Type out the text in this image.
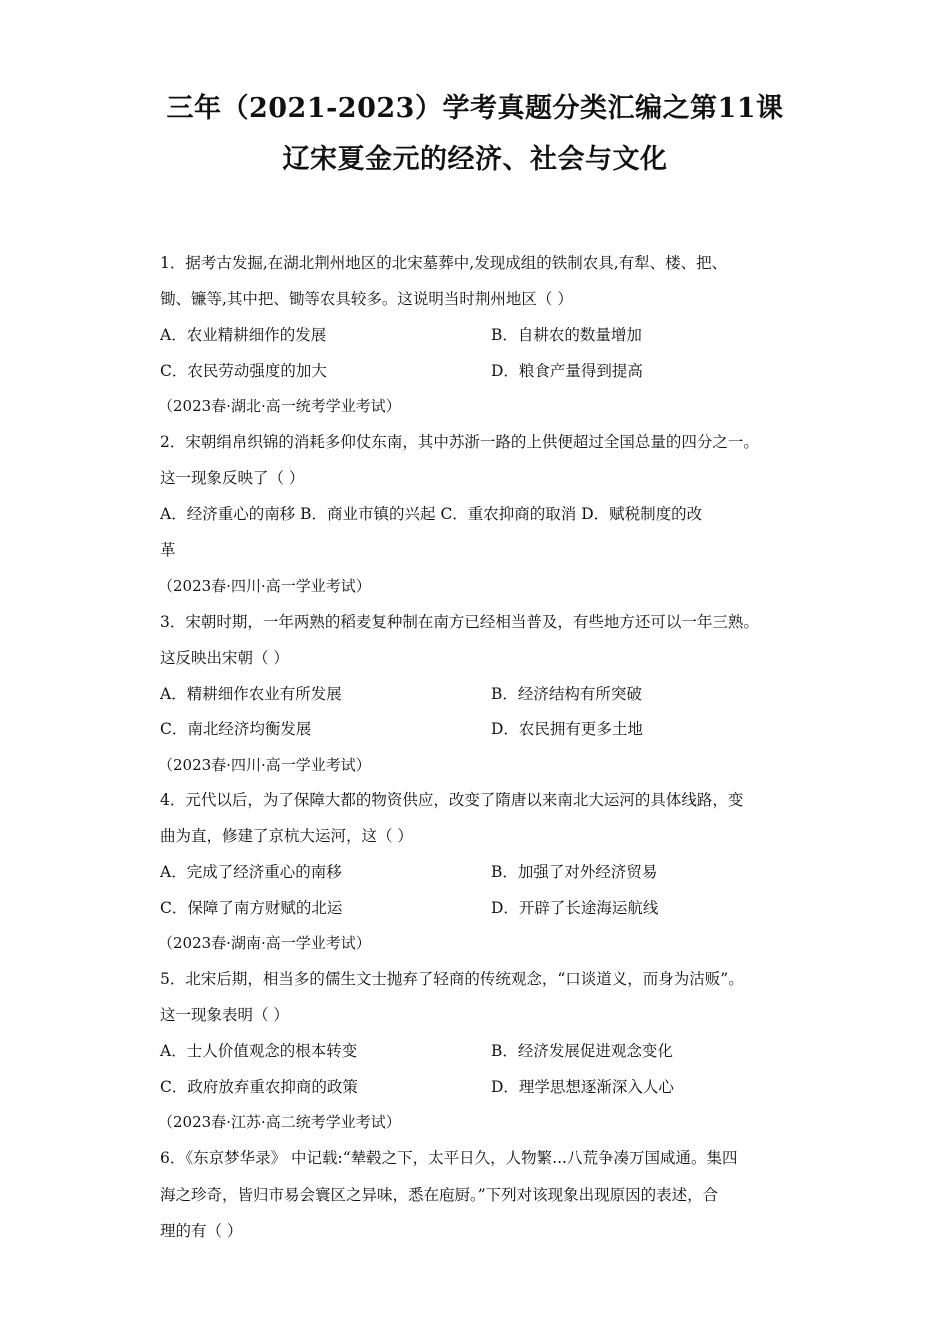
三年（2021-2023）学考真题分类汇编之第11课
辽宋夏金元的经济、社会与文化
1．据考古发掘,在湖北荆州地区的北宋墓葬中,发现成组的铁制农具,有犁、楼、把、
锄、镰等,其中把、锄等农具较多。这说明当时荆州地区（ ）
A．农业精耕细作的发展	B．自耕农的数量增加
C．农民劳动强度的加大	D．粮食产量得到提高
（2023春·湖北·高一统考学业考试）
2．宋朝绢帛织锦的消耗多仰仗东南，其中苏浙一路的上供便超过全国总量的四分之一。
这一现象反映了（ ）
A．经济重心的南移 B．商业市镇的兴起 C．重农抑商的取消 D．赋税制度的改
革
（2023春·四川·高一学业考试）
3．宋朝时期，一年两熟的稻麦复种制在南方已经相当普及，有些地方还可以一年三熟。
这反映出宋朝（ ）
A．精耕细作农业有所发展	B．经济结构有所突破
C．南北经济均衡发展	D．农民拥有更多土地
（2023春·四川·高一学业考试）
4．元代以后，为了保障大都的物资供应，改变了隋唐以来南北大运河的具体线路，变
曲为直，修建了京杭大运河，这（ ）
A．完成了经济重心的南移	B．加强了对外经济贸易
C．保障了南方财赋的北运	D．开辟了长途海运航线
（2023春·湖南·高一学业考试）
5．北宋后期，相当多的儒生文士抛弃了轻商的传统观念，“口谈道义，而身为沽贩”。
这一现象表明（ ）
A．士人价值观念的根本转变	B．经济发展促进观念变化
C．政府放弃重农抑商的政策	D．理学思想逐渐深入人心
（2023春·江苏·高二统考学业考试）
6．《东京梦华录》 中记载:“辇毂之下，太平日久，人物繁...八荒争凑万国咸通。集四
海之珍奇，皆归市易会寰区之异味，悉在庖厨。”下列对该现象出现原因的表述，合
理的有（ ）
